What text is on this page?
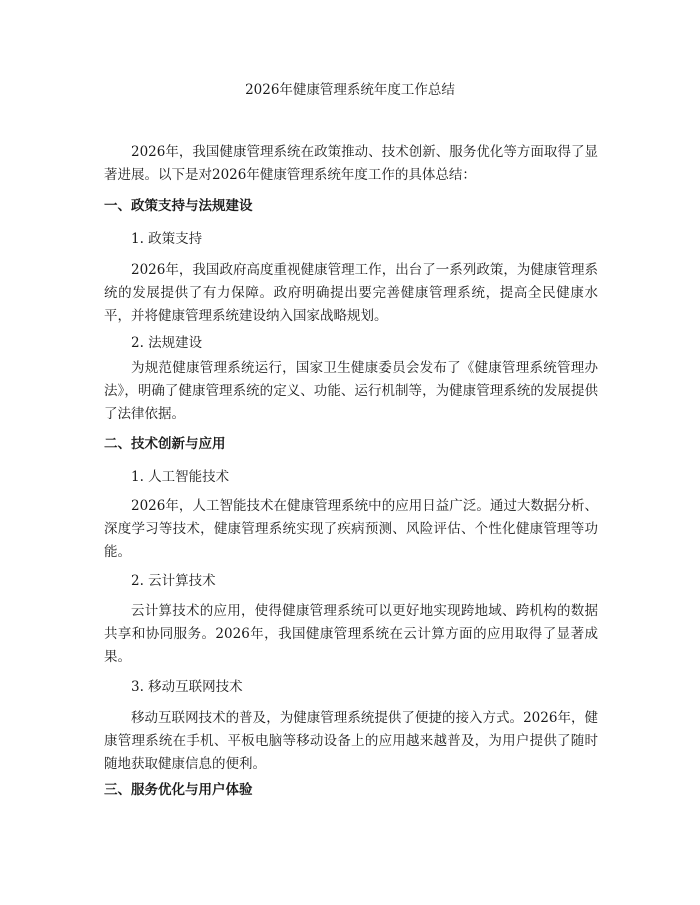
2026年健康管理系统年度工作总结

2026年，我国健康管理系统在政策推动、技术创新、服务优化等方面取得了显著进展。以下是对2026年健康管理系统年度工作的具体总结：

一、政策支持与法规建设
1. 政策支持

2026年，我国政府高度重视健康管理工作，出台了一系列政策，为健康管理系统的发展提供了有力保障。政府明确提出要完善健康管理系统，提高全民健康水平，并将健康管理系统建设纳入国家战略规划。

2. 法规建设

为规范健康管理系统运行，国家卫生健康委员会发布了《健康管理系统管理办法》，明确了健康管理系统的定义、功能、运行机制等，为健康管理系统的发展提供了法律依据。

二、技术创新与应用
1. 人工智能技术

2026年，人工智能技术在健康管理系统中的应用日益广泛。通过大数据分析、深度学习等技术，健康管理系统实现了疾病预测、风险评估、个性化健康管理等功能。

2. 云计算技术

云计算技术的应用，使得健康管理系统可以更好地实现跨地域、跨机构的数据共享和协同服务。2026年，我国健康管理系统在云计算方面的应用取得了显著成果。

3. 移动互联网技术

移动互联网技术的普及，为健康管理系统提供了便捷的接入方式。2026年，健康管理系统在手机、平板电脑等移动设备上的应用越来越普及，为用户提供了随时随地获取健康信息的便利。

三、服务优化与用户体验
